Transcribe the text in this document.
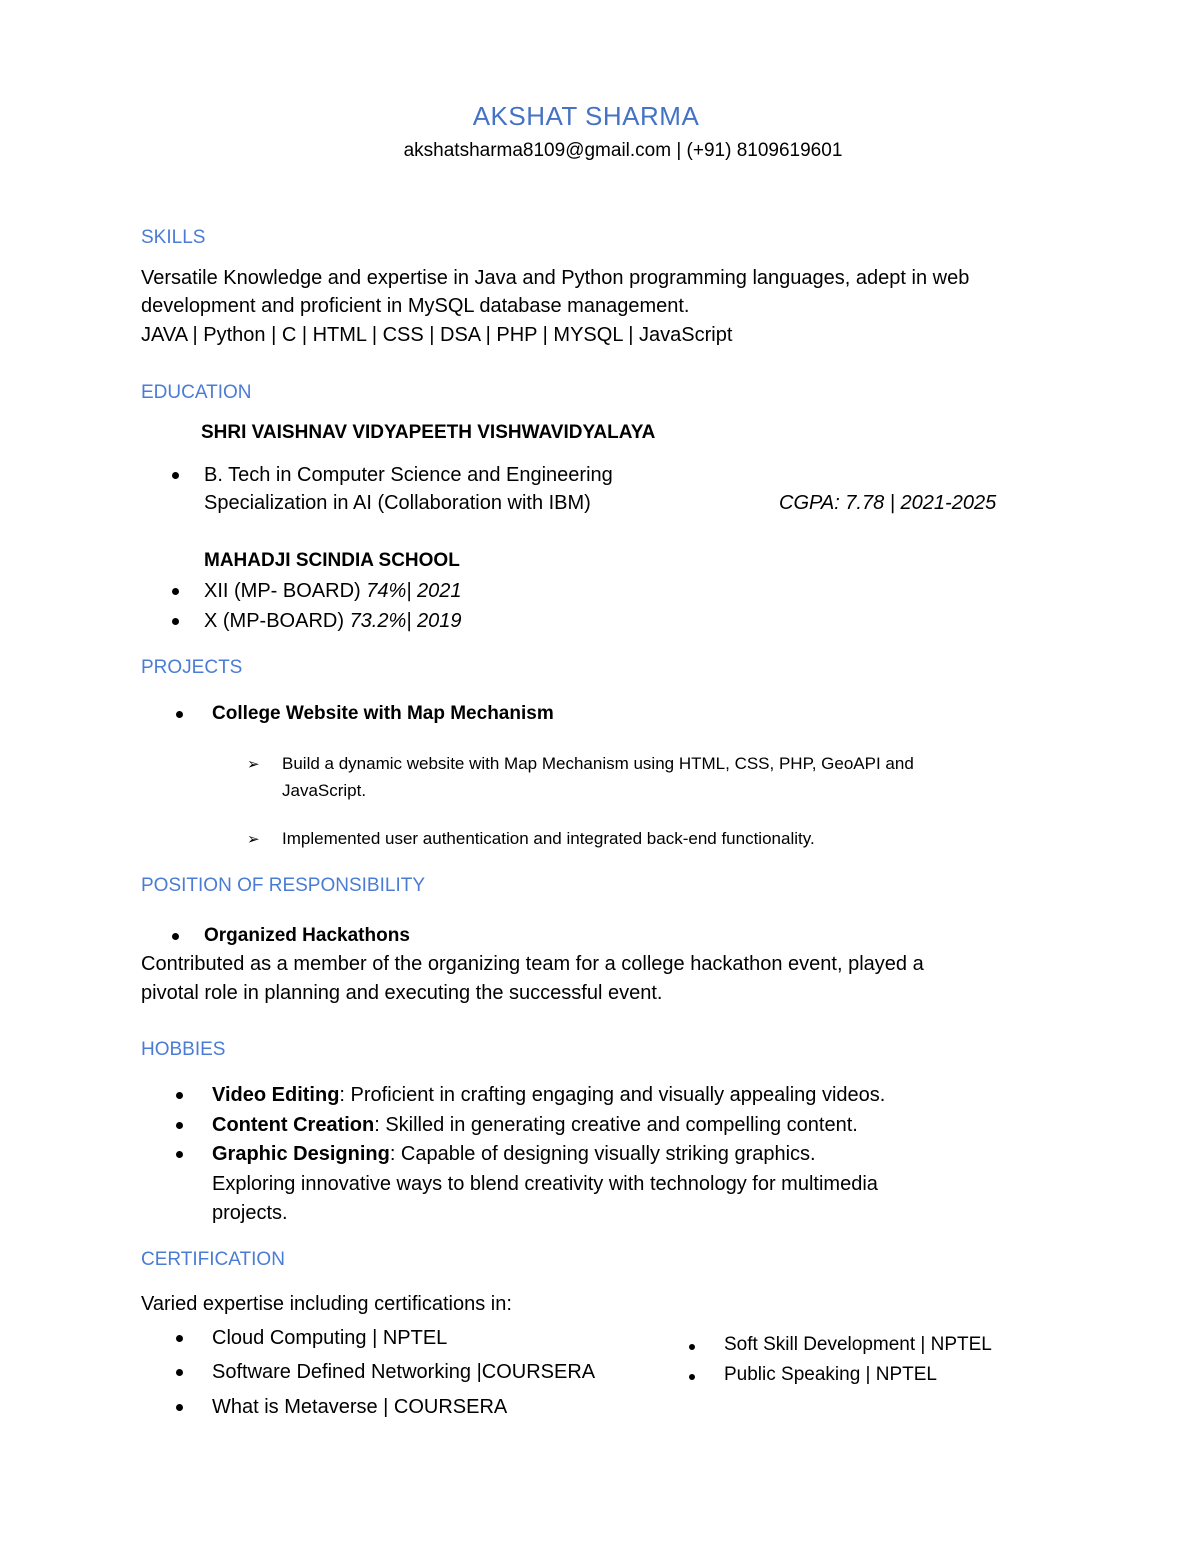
AKSHAT SHARMA
akshatsharma8109@gmail.com | (+91) 8109619601
SKILLS
Versatile Knowledge and expertise in Java and Python programming languages, adept in web
development and proficient in MySQL database management.
JAVA | Python | C | HTML | CSS | DSA | PHP | MYSQL | JavaScript
EDUCATION
SHRI VAISHNAV VIDYAPEETH VISHWAVIDYALAYA
B. Tech in Computer Science and Engineering
Specialization in AI (Collaboration with IBM)	CGPA: 7.78 | 2021-2025
MAHADJI SCINDIA SCHOOL
XII (MP- BOARD) 74%| 2021
X (MP-BOARD) 73.2%| 2019
PROJECTS
College Website with Map Mechanism
➢ Build a dynamic website with Map Mechanism using HTML, CSS, PHP, GeoAPI and
JavaScript.
➢ Implemented user authentication and integrated back-end functionality.
POSITION OF RESPONSIBILITY
Organized Hackathons
Contributed as a member of the organizing team for a college hackathon event, played a
pivotal role in planning and executing the successful event.
HOBBIES
Video Editing: Proficient in crafting engaging and visually appealing videos.
Content Creation: Skilled in generating creative and compelling content.
Graphic Designing: Capable of designing visually striking graphics.
Exploring innovative ways to blend creativity with technology for multimedia
projects.
CERTIFICATION
Varied expertise including certifications in:
Cloud Computing | NPTEL
Software Defined Networking |COURSERA
What is Metaverse | COURSERA
Soft Skill Development | NPTEL
Public Speaking | NPTEL
